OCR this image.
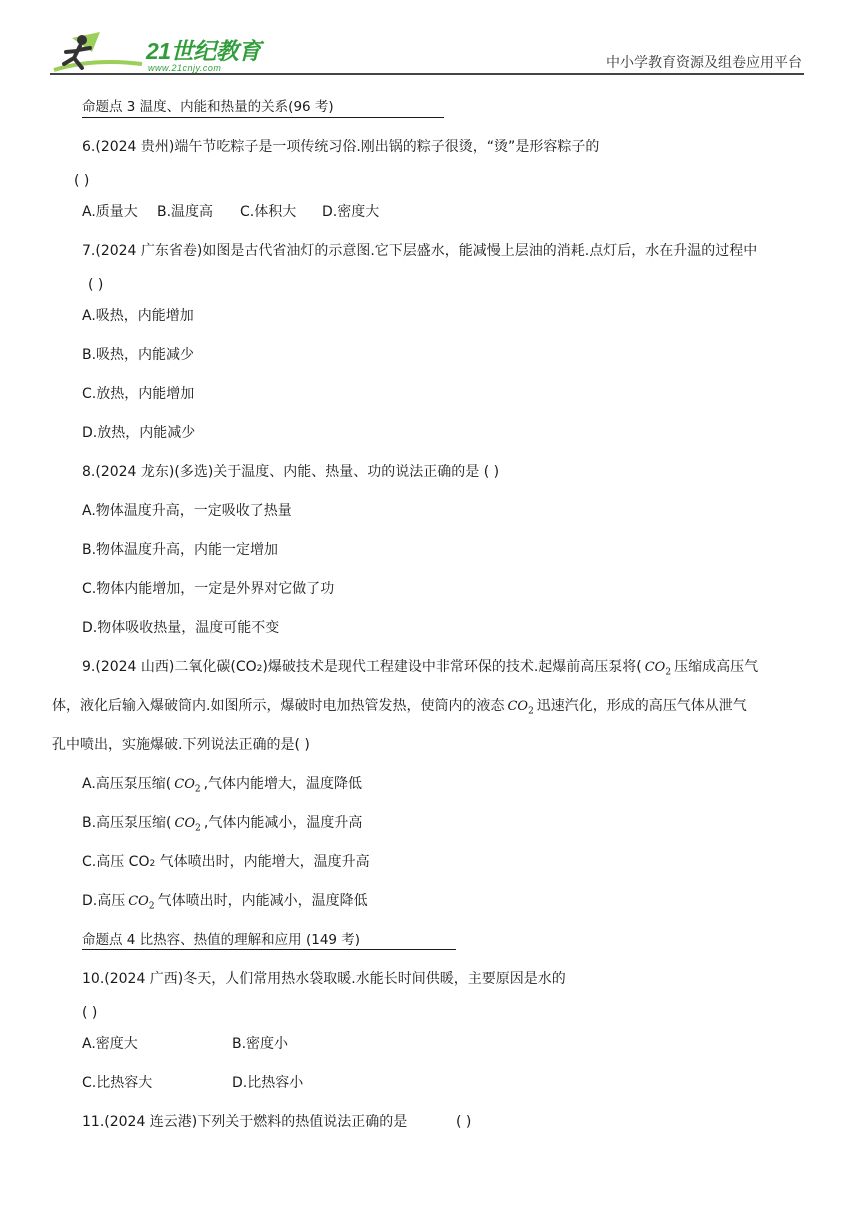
21世纪教育
www.21cnjy.com	中小学教育资源及组卷应用平台
命题点 3 温度、内能和热量的关系(96 考)
6.(2024 贵州)端午节吃粽子是一项传统习俗.刚出锅的粽子很烫，“烫”是形容粽子的
( )
A.质量大 B.温度高 C.体积大 D.密度大
7.(2024 广东省卷)如图是古代省油灯的示意图.它下层盛水，能减慢上层油的消耗.点灯后，水在升温的过程中
( )
A.吸热，内能增加
B.吸热，内能减少
C.放热，内能增加
D.放热，内能减少
8.(2024 龙东)(多选)关于温度、内能、热量、功的说法正确的是 ( )
A.物体温度升高，一定吸收了热量
B.物体温度升高，内能一定增加
C.物体内能增加，一定是外界对它做了功
D.物体吸收热量，温度可能不变
9.(2024 山西)二氧化碳(CO2)爆破技术是现代工程建设中非常环保的技术.起爆前高压泵将( $CO_2$ 压缩成高压气
体，液化后输入爆破筒内.如图所示，爆破时电加热管发热，使筒内的液态 $CO_2$ 迅速汽化，形成的高压气体从泄气
孔中喷出，实施爆破.下列说法正确的是( )
A.高压泵压缩( $CO_2$ ,气体内能增大，温度降低
B.高压泵压缩( $CO_2$ ,气体内能减小，温度升高
C.高压 CO2 气体喷出时，内能增大，温度升高
D.高压 $CO_2$ 气体喷出时，内能减小，温度降低
命题点 4 比热容、热值的理解和应用 (149 考)
10.(2024 广西)冬天，人们常用热水袋取暖.水能长时间供暖，主要原因是水的
( )
A.密度大	B.密度小
C.比热容大	D.比热容小
11.(2024 连云港)下列关于燃料的热值说法正确的是	( )
